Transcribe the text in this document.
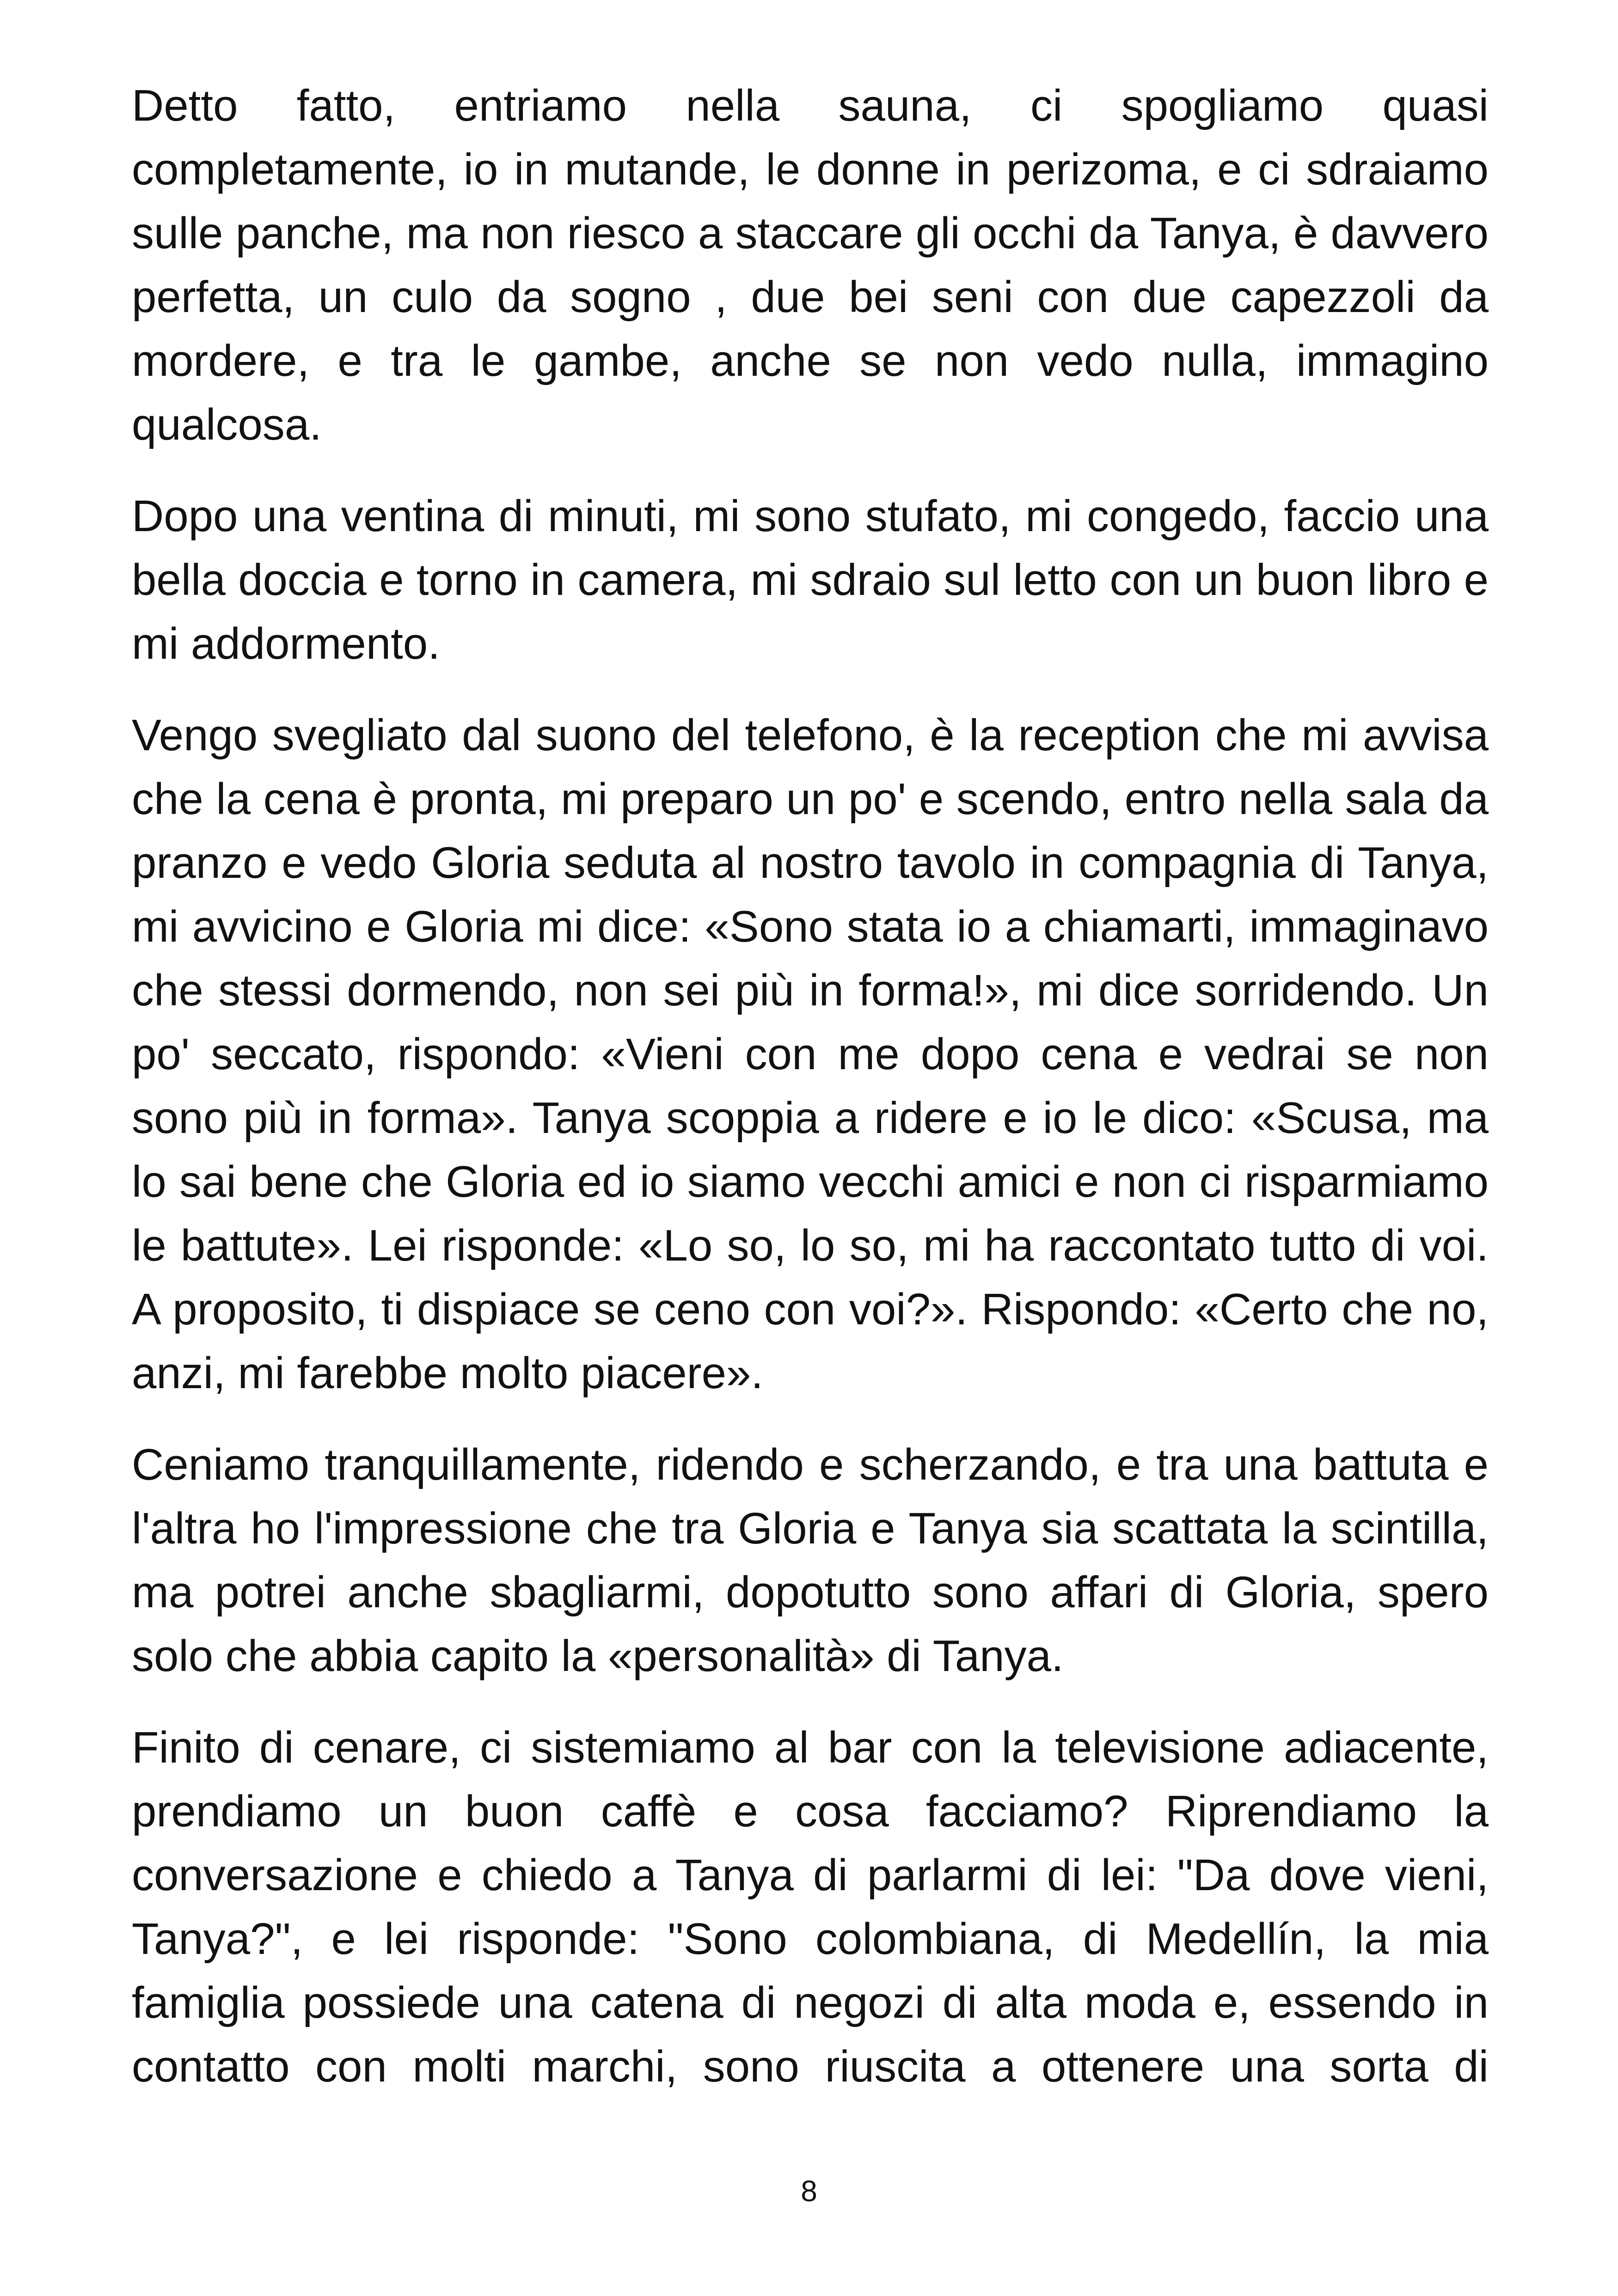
Detto fatto, entriamo nella sauna, ci spogliamo quasi completamente, io in mutande, le donne in perizoma, e ci sdraiamo sulle panche, ma non riesco a staccare gli occhi da Tanya, è davvero perfetta, un culo da sogno , due bei seni con due capezzoli da mordere, e tra le gambe, anche se non vedo nulla, immagino qualcosa.

Dopo una ventina di minuti, mi sono stufato, mi congedo, faccio una bella doccia e torno in camera, mi sdraio sul letto con un buon libro e mi addormento.

Vengo svegliato dal suono del telefono, è la reception che mi avvisa che la cena è pronta, mi preparo un po' e scendo, entro nella sala da pranzo e vedo Gloria seduta al nostro tavolo in compagnia di Tanya, mi avvicino e Gloria mi dice: «Sono stata io a chiamarti, immaginavo che stessi dormendo, non sei più in forma!», mi dice sorridendo. Un po' seccato, rispondo: «Vieni con me dopo cena e vedrai se non sono più in forma». Tanya scoppia a ridere e io le dico: «Scusa, ma lo sai bene che Gloria ed io siamo vecchi amici e non ci risparmiamo le battute». Lei risponde: «Lo so, lo so, mi ha raccontato tutto di voi. A proposito, ti dispiace se ceno con voi?». Rispondo: «Certo che no, anzi, mi farebbe molto piacere».

Ceniamo tranquillamente, ridendo e scherzando, e tra una battuta e l'altra ho l'impressione che tra Gloria e Tanya sia scattata la scintilla, ma potrei anche sbagliarmi, dopotutto sono affari di Gloria, spero solo che abbia capito la «personalità» di Tanya.

Finito di cenare, ci sistemiamo al bar con la televisione adiacente, prendiamo un buon caffè e cosa facciamo? Riprendiamo la conversazione e chiedo a Tanya di parlarmi di lei: "Da dove vieni, Tanya?", e lei risponde: "Sono colombiana, di Medellín, la mia famiglia possiede una catena di negozi di alta moda e, essendo in contatto con molti marchi, sono riuscita a ottenere una sorta di

8
